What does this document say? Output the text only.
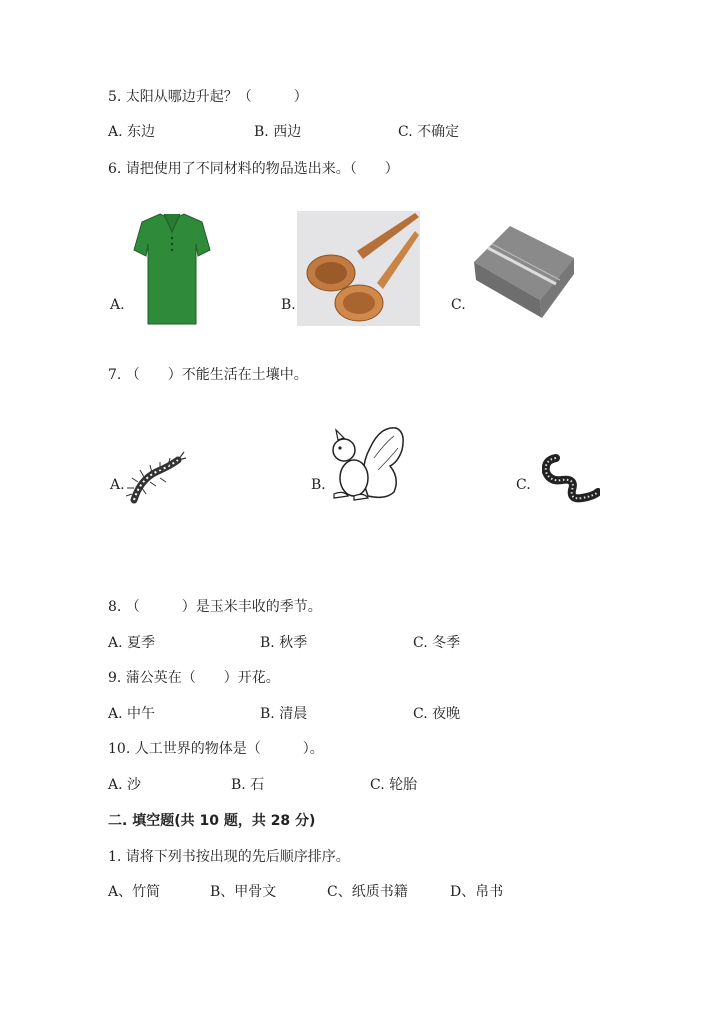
5. 太阳从哪边升起？（　　　）
A. 东边	B. 西边	C. 不确定
6. 请把使用了不同材料的物品选出来。（　　）
A.	B.	C.
7. （　　）不能生活在土壤中。
A.	B.	C.
8. （　　　）是玉米丰收的季节。
A. 夏季	B. 秋季	C. 冬季
9. 蒲公英在（　　）开花。
A. 中午	B. 清晨	C. 夜晚
10. 人工世界的物体是（　　　）。
A. 沙	B. 石	C. 轮胎
二. 填空题(共 10 题，共 28 分)
1. 请将下列书按出现的先后顺序排序。
A、竹简	B、甲骨文	C、纸质书籍	D、帛书
